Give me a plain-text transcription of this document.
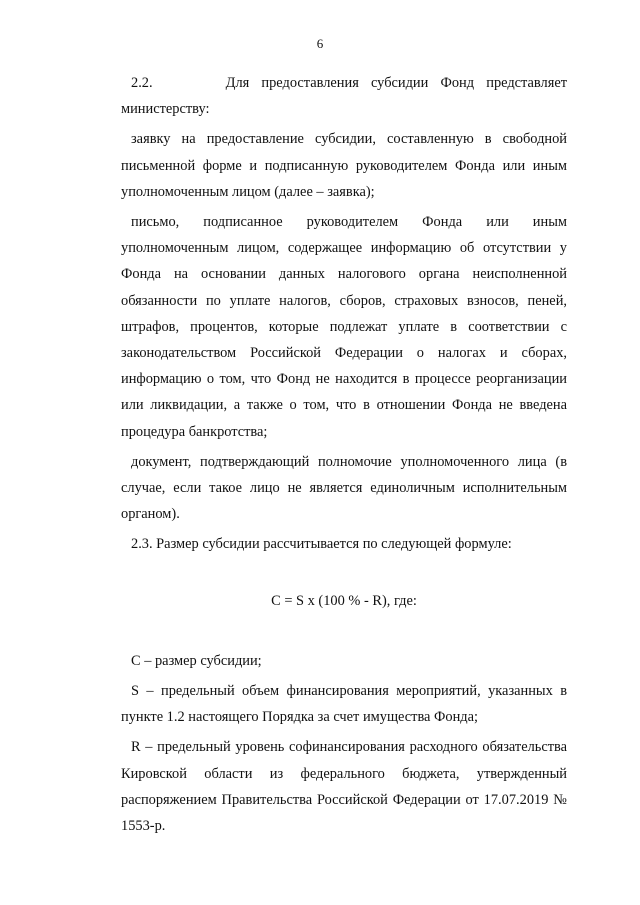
6

2.2.      Для предоставления субсидии Фонд представляет министерству:

заявку на предоставление субсидии, составленную в свободной письменной форме и подписанную руководителем Фонда или иным уполномоченным лицом (далее – заявка);

письмо, подписанное руководителем Фонда или иным уполномоченным лицом, содержащее информацию об отсутствии у Фонда на основании данных налогового органа неисполненной обязанности по уплате налогов, сборов, страховых взносов, пеней, штрафов, процентов, которые подлежат уплате в соответствии с законодательством Российской Федерации о налогах и сборах, информацию о том, что Фонд не находится в процессе реорганизации или ликвидации, а также о том, что в отношении Фонда не введена процедура банкротства;

документ, подтверждающий полномочие уполномоченного лица (в случае, если такое лицо не является единоличным исполнительным органом).

2.3. Размер субсидии рассчитывается по следующей формуле:

C = S x (100 % - R), где:

C – размер субсидии;

S – предельный объем финансирования мероприятий, указанных в пункте 1.2 настоящего Порядка за счет имущества Фонда;

R – предельный уровень софинансирования расходного обязательства Кировской области из федерального бюджета, утвержденный распоряжением Правительства Российской Федерации от 17.07.2019 № 1553-р.
